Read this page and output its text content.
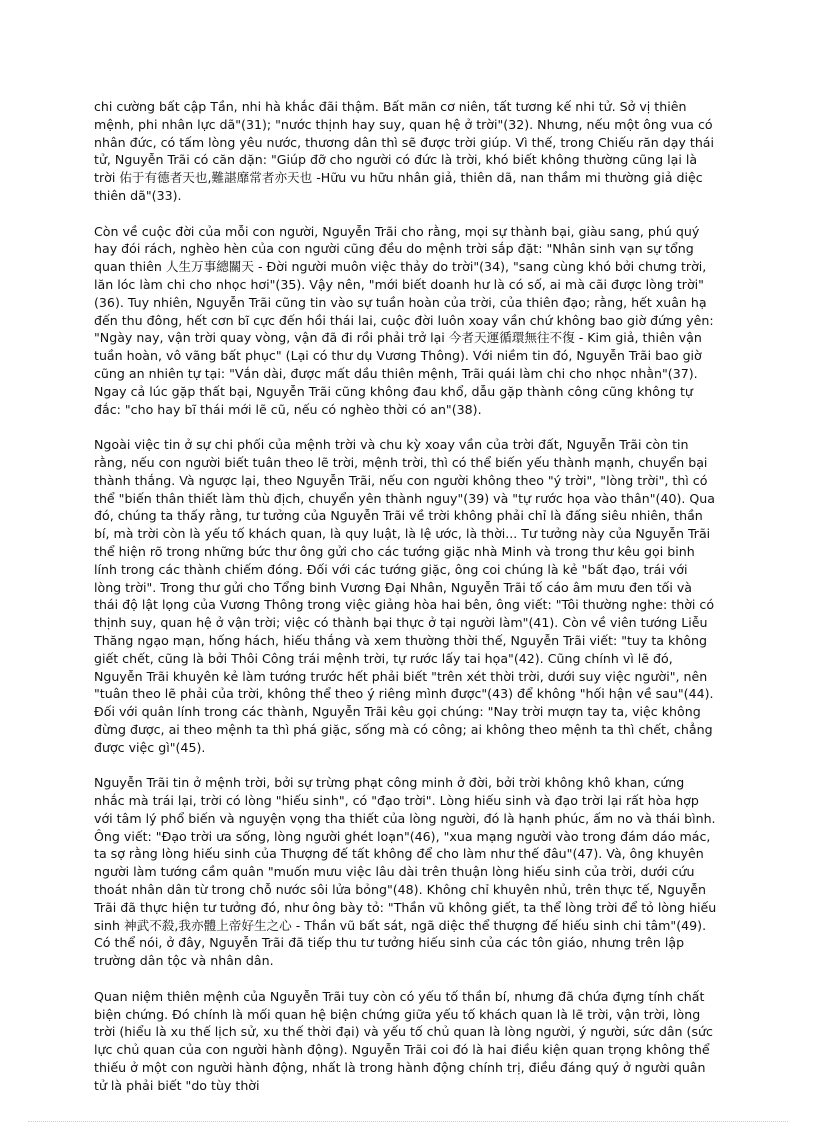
chi cường bất cập Tần, nhi hà khắc đãi thậm. Bất mãn cơ niên, tất tương kế nhi tử. Sở vị thiên mệnh, phi nhân lực dã"(31); "nước thịnh hay suy, quan hệ ở trời"(32). Nhưng, nếu một ông vua có nhân đức, có tấm lòng yêu nước, thương dân thì sẽ được trời giúp. Vì thế, trong Chiếu răn dạy thái tử, Nguyễn Trãi có căn dặn: "Giúp đỡ cho người có đức là trời, khó biết không thường cũng lại là trời 佑于有德者天也,難諶靡常者亦天也 -Hữu vu hữu nhân giả, thiên dã, nan thầm mi thường giả diệc thiên dã"(33).

Còn về cuộc đời của mỗi con người, Nguyễn Trãi cho rằng, mọi sự thành bại, giàu sang, phú quý hay đói rách, nghèo hèn của con người cũng đều do mệnh trời sắp đặt: "Nhân sinh vạn sự tổng quan thiên 人生万事總關天 - Đời người muôn việc thảy do trời"(34), "sang cùng khó bởi chưng trời, lăn lóc làm chi cho nhọc hơi"(35). Vậy nên, "mới biết doanh hư là có số, ai mà cãi được lòng trời"(36). Tuy nhiên, Nguyễn Trãi cũng tin vào sự tuần hoàn của trời, của thiên đạo; rằng, hết xuân hạ đến thu đông, hết cơn bĩ cực đến hồi thái lai, cuộc đời luôn xoay vần chứ không bao giờ đứng yên: "Ngày nay, vận trời quay vòng, vận đã đi rồi phải trở lại 今者天運循環無往不復 - Kim giả, thiên vận tuần hoàn, vô vãng bất phục" (Lại có thư dụ Vương Thông). Với niềm tin đó, Nguyễn Trãi bao giờ cũng an nhiên tự tại: "Vắn dài, được mất dầu thiên mệnh, Trãi quái làm chi cho nhọc nhằn"(37). Ngay cả lúc gặp thất bại, Nguyễn Trãi cũng không đau khổ, dẫu gặp thành công cũng không tự đắc: "cho hay bĩ thái mới lẽ cũ, nếu có nghèo thời có an"(38).

Ngoài việc tin ở sự chi phối của mệnh trời và chu kỳ xoay vần của trời đất, Nguyễn Trãi còn tin rằng, nếu con người biết tuân theo lẽ trời, mệnh trời, thì có thể biến yếu thành mạnh, chuyển bại thành thắng. Và ngược lại, theo Nguyễn Trãi, nếu con người không theo "ý trời", "lòng trời", thì có thể "biến thân thiết làm thù địch, chuyển yên thành nguy"(39) và "tự rước họa vào thân"(40). Qua đó, chúng ta thấy rằng, tư tưởng của Nguyễn Trãi về trời không phải chỉ là đấng siêu nhiên, thần bí, mà trời còn là yếu tố khách quan, là quy luật, là lệ ước, là thời... Tư tưởng này của Nguyễn Trãi thể hiện rõ trong những bức thư ông gửi cho các tướng giặc nhà Minh và trong thư kêu gọi binh lính trong các thành chiếm đóng. Đối với các tướng giặc, ông coi chúng là kẻ "bất đạo, trái với lòng trời". Trong thư gửi cho Tổng binh Vương Đại Nhân, Nguyễn Trãi tố cáo âm mưu đen tối và thái độ lật lọng của Vương Thông trong việc giảng hòa hai bên, ông viết: "Tôi thường nghe: thời có thịnh suy, quan hệ ở vận trời; việc có thành bại thực ở tại người làm"(41). Còn về viên tướng Liễu Thăng ngạo mạn, hống hách, hiếu thắng và xem thường thời thế, Nguyễn Trãi viết: "tuy ta không giết chết, cũng là bởi Thôi Công trái mệnh trời, tự rước lấy tai họa"(42). Cũng chính vì lẽ đó, Nguyễn Trãi khuyên kẻ làm tướng trước hết phải biết "trên xét thời trời, dưới suy việc người", nên "tuân theo lẽ phải của trời, không thể theo ý riêng mình được"(43) để không "hối hận về sau"(44). Đối với quân lính trong các thành, Nguyễn Trãi kêu gọi chúng: "Nay trời mượn tay ta, việc không đừng được, ai theo mệnh ta thì phá giặc, sống mà có công; ai không theo mệnh ta thì chết, chẳng được việc gì"(45).

Nguyễn Trãi tin ở mệnh trời, bởi sự trừng phạt công minh ở đời, bởi trời không khô khan, cứng nhắc mà trái lại, trời có lòng "hiếu sinh", có "đạo trời". Lòng hiếu sinh và đạo trời lại rất hòa hợp với tâm lý phổ biến và nguyện vọng tha thiết của lòng người, đó là hạnh phúc, ấm no và thái bình. Ông viết: "Đạo trời ưa sống, lòng người ghét loạn"(46), "xua mạng người vào trong đám dáo mác, ta sợ rằng lòng hiếu sinh của Thượng đế tất không để cho làm như thế đâu"(47). Và, ông khuyên người làm tướng cầm quân "muốn mưu việc lâu dài trên thuận lòng hiếu sinh của trời, dưới cứu thoát nhân dân từ trong chỗ nước sôi lửa bỏng"(48). Không chỉ khuyên nhủ, trên thực tế, Nguyễn Trãi đã thực hiện tư tưởng đó, như ông bày tỏ: "Thần vũ không giết, ta thể lòng trời để tỏ lòng hiếu sinh 神武不殺,我亦體上帝好生之心 - Thần vũ bất sát, ngã diệc thể thượng đế hiếu sinh chi tâm"(49). Có thể nói, ở đây, Nguyễn Trãi đã tiếp thu tư tưởng hiếu sinh của các tôn giáo, nhưng trên lập trường dân tộc và nhân dân.

Quan niệm thiên mệnh của Nguyễn Trãi tuy còn có yếu tố thần bí, nhưng đã chứa đựng tính chất biện chứng. Đó chính là mối quan hệ biện chứng giữa yếu tố khách quan là lẽ trời, vận trời, lòng trời (hiểu là xu thế lịch sử, xu thế thời đại) và yếu tố chủ quan là lòng người, ý người, sức dân (sức lực chủ quan của con người hành động). Nguyễn Trãi coi đó là hai điều kiện quan trọng không thể thiếu ở một con người hành động, nhất là trong hành động chính trị, điều đáng quý ở người quân tử là phải biết "do tùy thời
